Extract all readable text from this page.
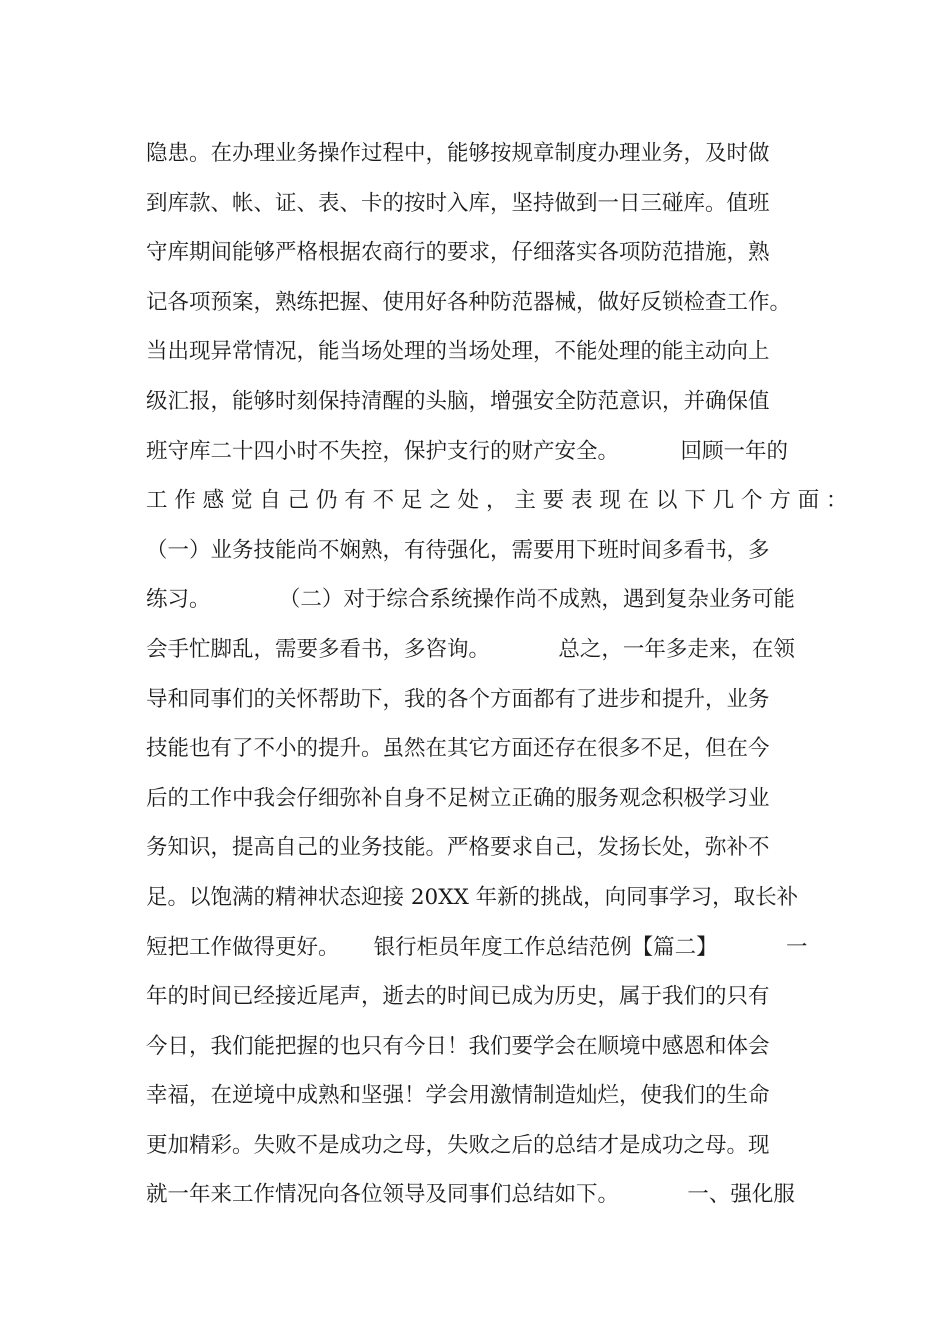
隐患。在办理业务操作过程中，能够按规章制度办理业务，及时做
到库款、帐、证、表、卡的按时入库，坚持做到一日三碰库。值班
守库期间能够严格根据农商行的要求，仔细落实各项防范措施，熟
记各项预案，熟练把握、使用好各种防范器械，做好反锁检查工作。
当出现异常情况，能当场处理的当场处理，不能处理的能主动向上
级汇报，能够时刻保持清醒的头脑，增强安全防范意识，并确保值
班守库二十四小时不失控，保护支行的财产安全。         回顾一年的
工 作 感 觉 自 己 仍 有 不 足 之 处 ， 主 要 表 现 在 以 下 几 个 方 面 ：
（一）业务技能尚不娴熟，有待强化，需要用下班时间多看书，多
练习。          （二）对于综合系统操作尚不成熟，遇到复杂业务可能
会手忙脚乱，需要多看书，多咨询。          总之，一年多走来，在领
导和同事们的关怀帮助下，我的各个方面都有了进步和提升，业务
技能也有了不小的提升。虽然在其它方面还存在很多不足，但在今
后的工作中我会仔细弥补自身不足树立正确的服务观念积极学习业
务知识，提高自己的业务技能。严格要求自己，发扬长处，弥补不
足。以饱满的精神状态迎接 20XX 年新的挑战，向同事学习，取长补
短把工作做得更好。     银行柜员年度工作总结范例【篇二】          一
年的时间已经接近尾声，逝去的时间已成为历史，属于我们的只有
今日，我们能把握的也只有今日！我们要学会在顺境中感恩和体会
幸福，在逆境中成熟和坚强！学会用激情制造灿烂，使我们的生命
更加精彩。失败不是成功之母，失败之后的总结才是成功之母。现
就一年来工作情况向各位领导及同事们总结如下。          一、强化服
